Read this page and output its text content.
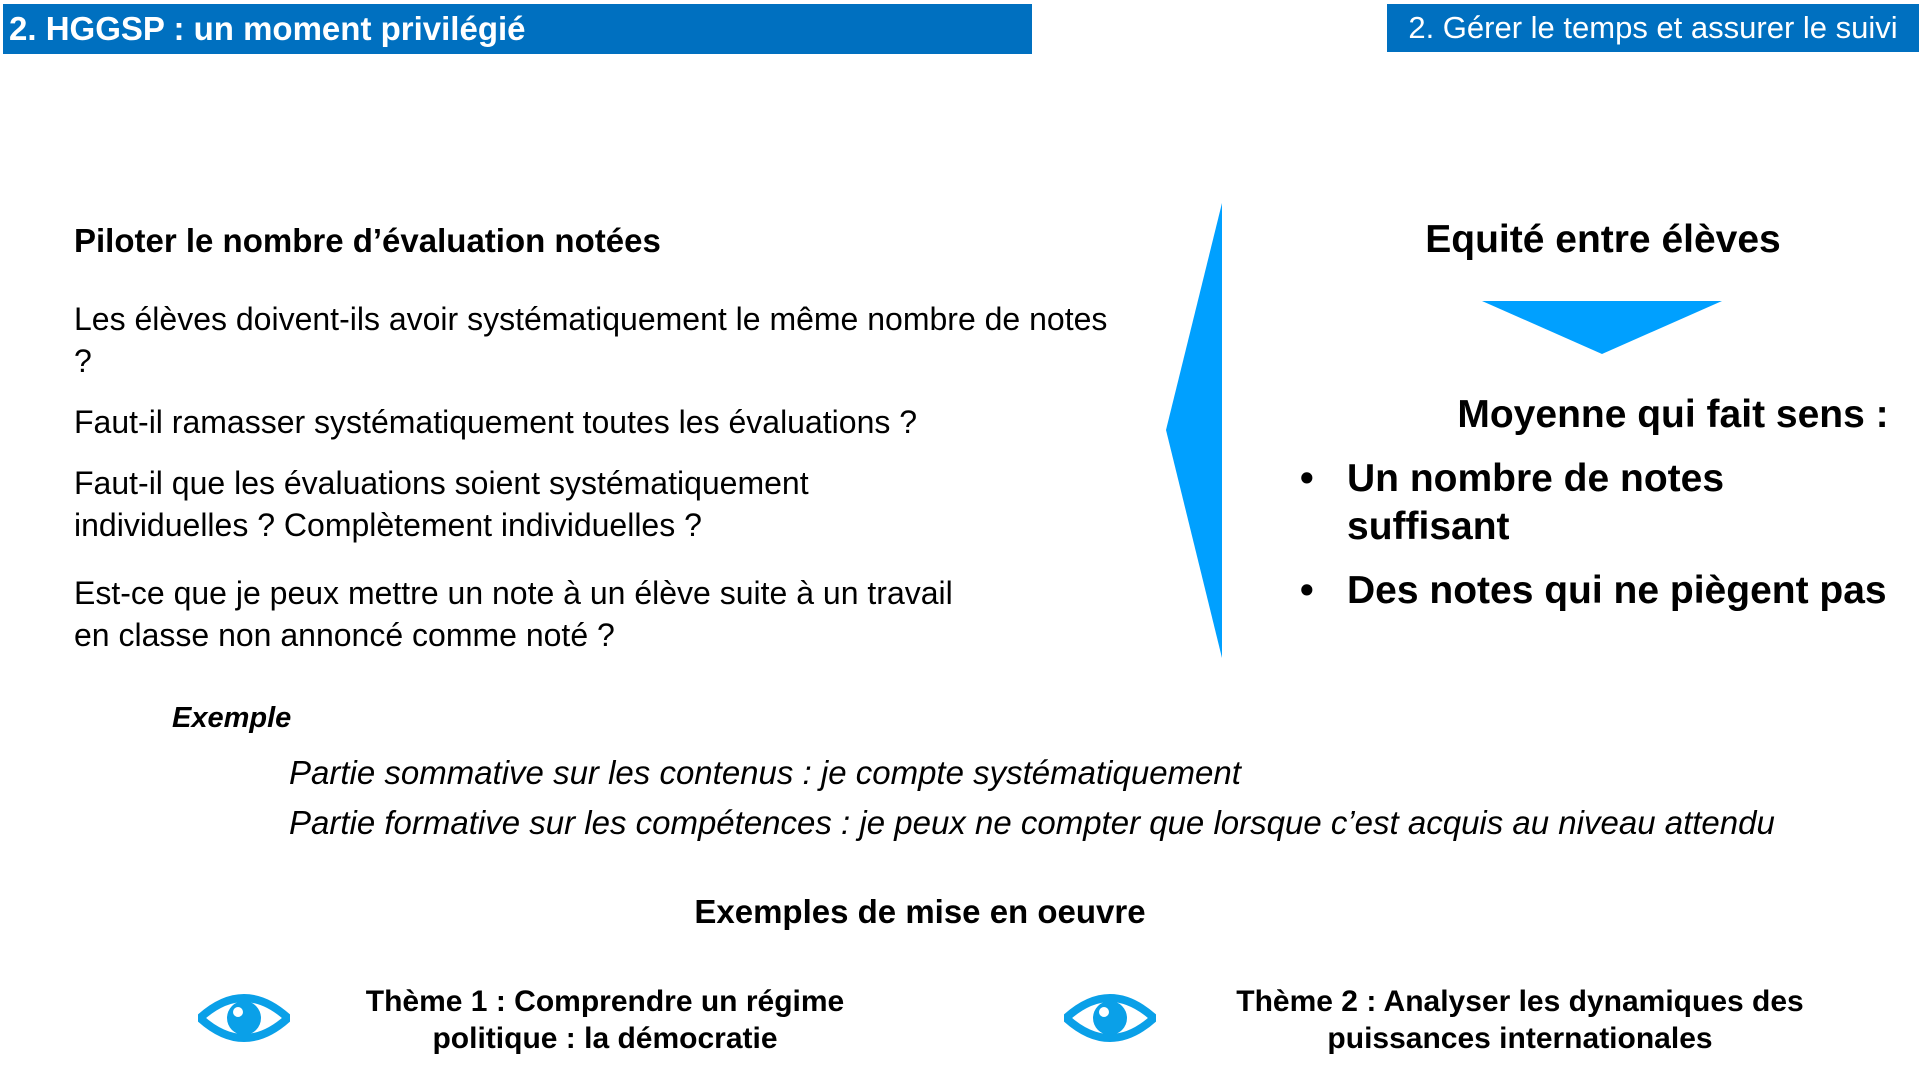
2. HGGSP : un moment privilégié	2. Gérer le temps et assurer le suivi
Piloter le nombre d’évaluation notées
Les élèves doivent-ils avoir systématiquement le même nombre de notes ?
Faut-il ramasser systématiquement toutes les évaluations ?
Faut-il que les évaluations soient systématiquement individuelles ? Complètement individuelles ?
Est-ce que je peux mettre un note à un élève suite à un travail en classe non annoncé comme noté ?
Equité entre élèves
Moyenne qui fait sens :
• Un nombre de notes suffisant
• Des notes qui ne piègent pas
Exemple
Partie sommative sur les contenus : je compte systématiquement
Partie formative sur les compétences : je peux ne compter que lorsque c’est acquis au niveau attendu
Exemples de mise en oeuvre
Thème 1 : Comprendre un régime politique : la démocratie
Thème 2 : Analyser les dynamiques des puissances internationales
